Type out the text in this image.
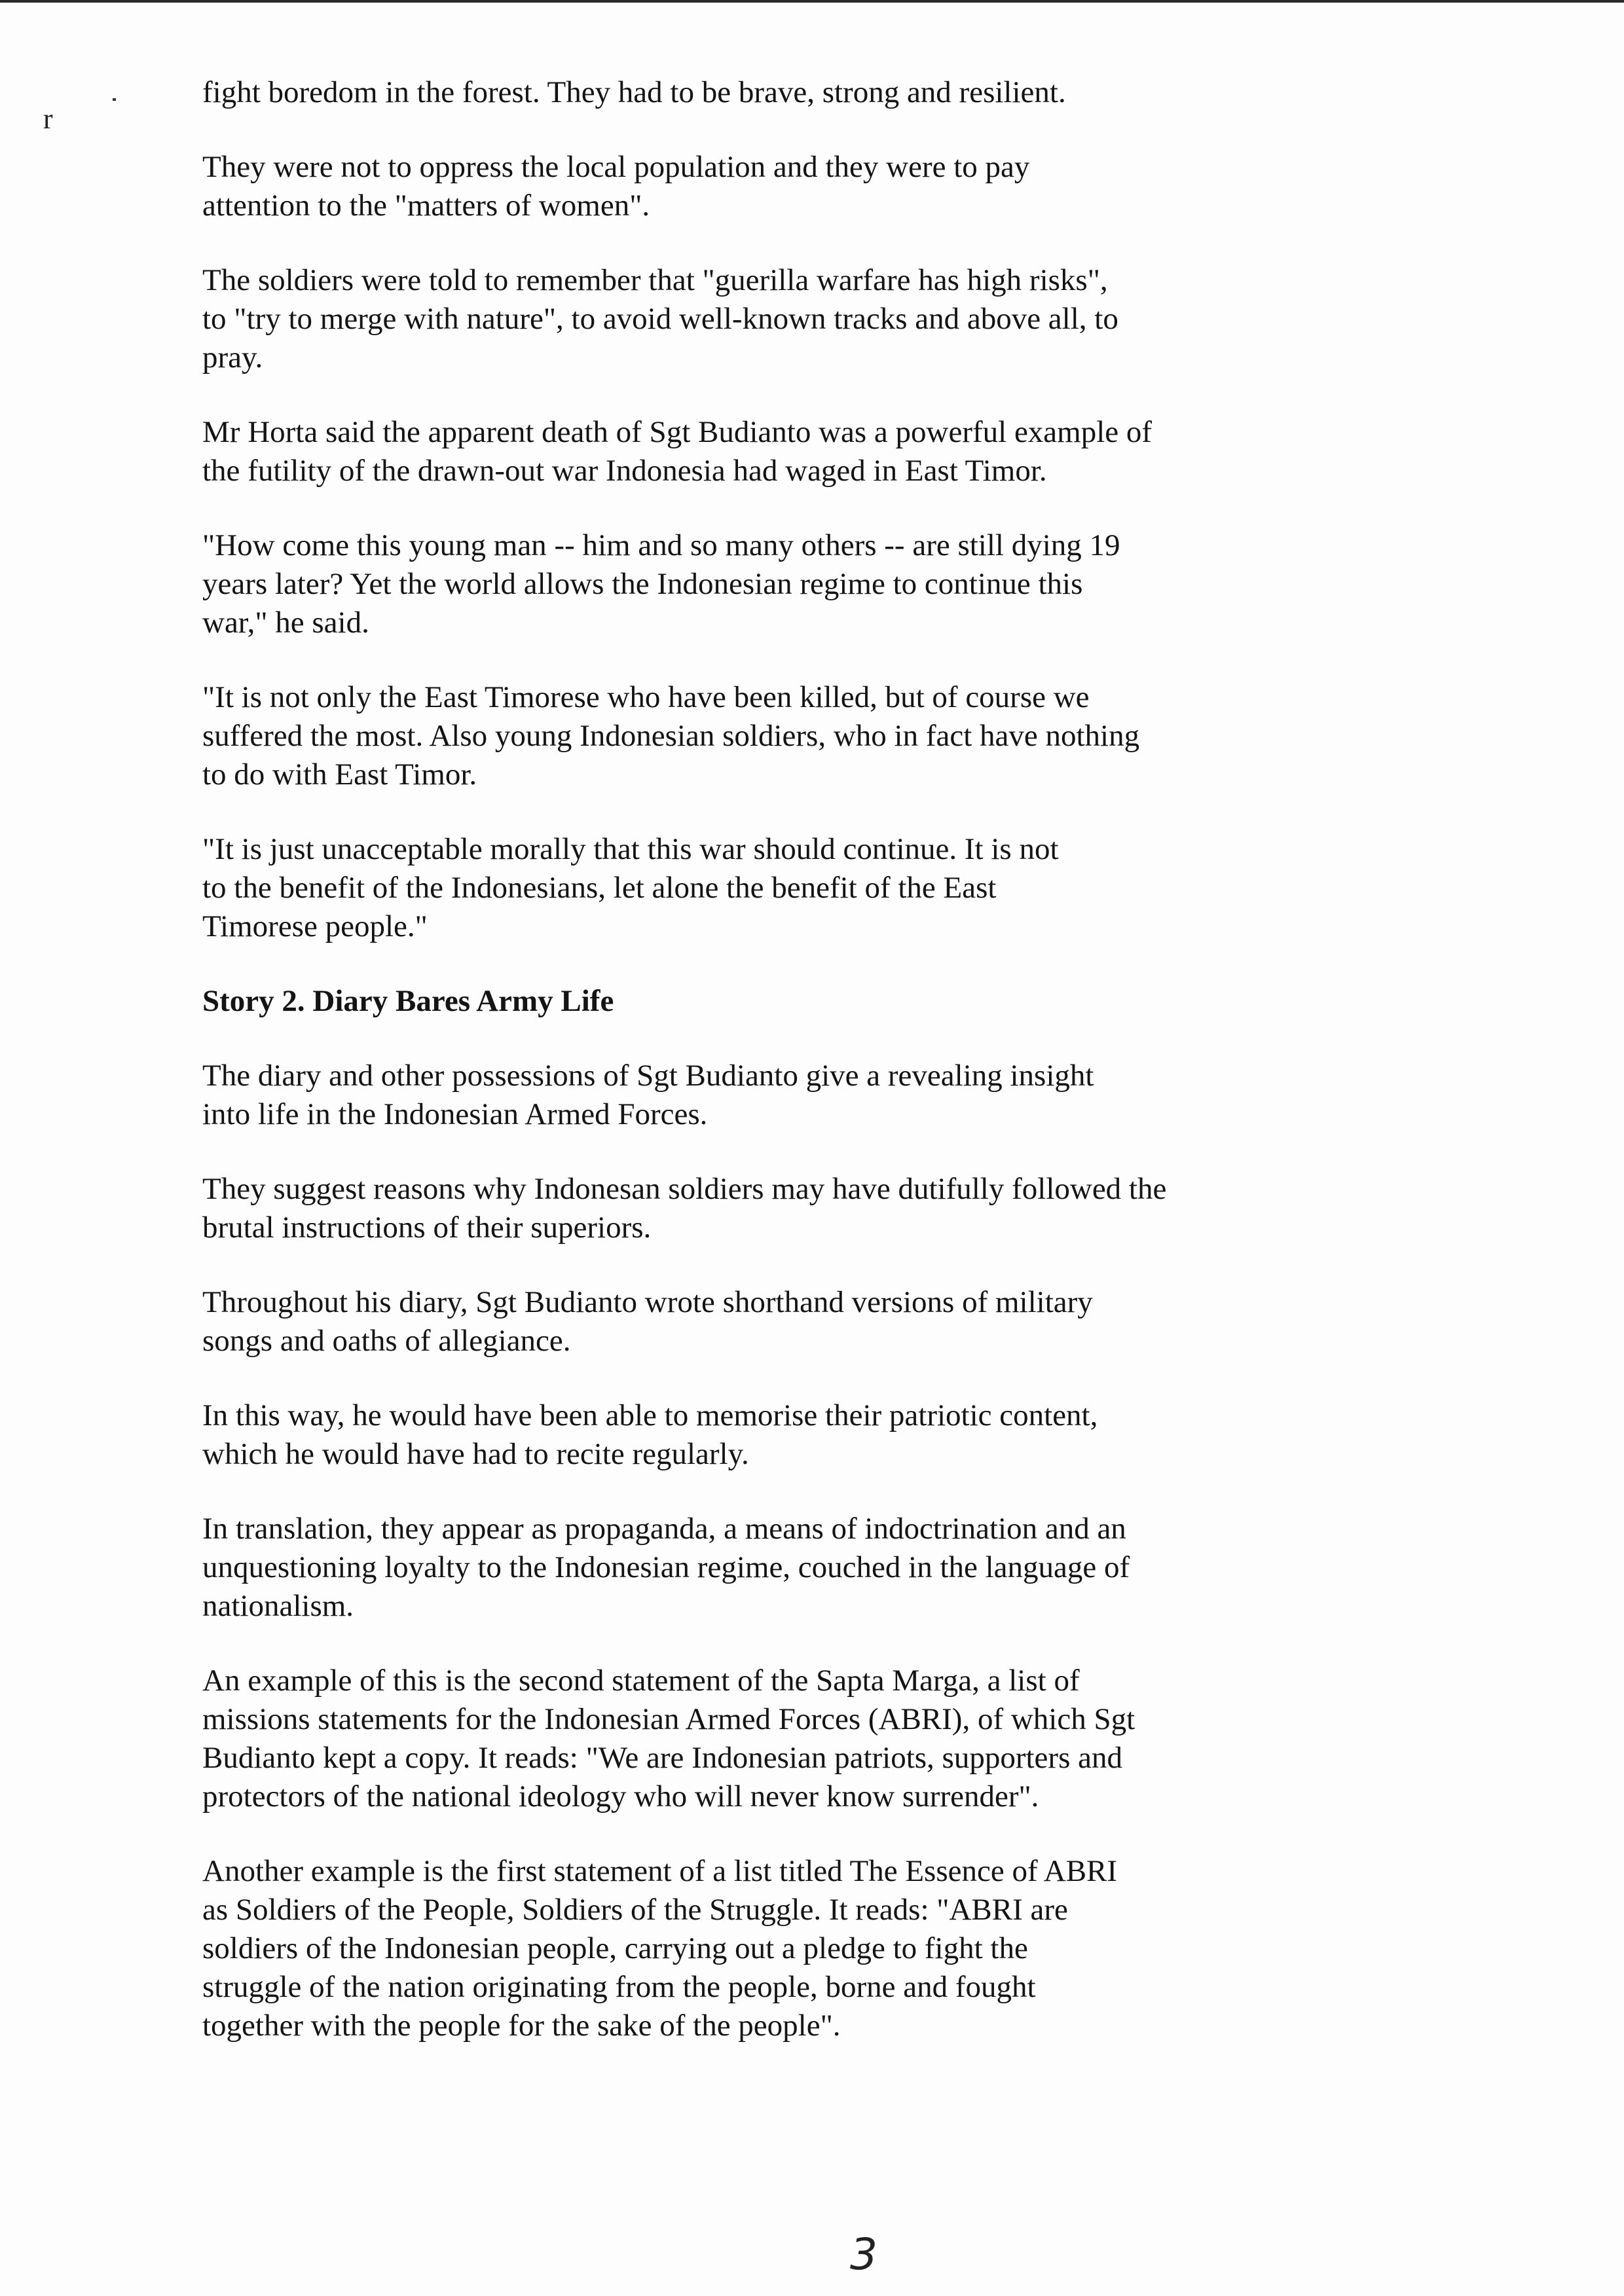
r

fight boredom in the forest. They had to be brave, strong and resilient.

They were not to oppress the local population and they were to pay
attention to the "matters of women".

The soldiers were told to remember that "guerilla warfare has high risks",
to "try to merge with nature", to avoid well-known tracks and above all, to
pray.

Mr Horta said the apparent death of Sgt Budianto was a powerful example of
the futility of the drawn-out war Indonesia had waged in East Timor.

"How come this young man -- him and so many others -- are still dying 19
years later? Yet the world allows the Indonesian regime to continue this
war," he said.

"It is not only the East Timorese who have been killed, but of course we
suffered the most. Also young Indonesian soldiers, who in fact have nothing
to do with East Timor.

"It is just unacceptable morally that this war should continue. It is not
to the benefit of the Indonesians, let alone the benefit of the East
Timorese people."

Story 2. Diary Bares Army Life

The diary and other possessions of Sgt Budianto give a revealing insight
into life in the Indonesian Armed Forces.

They suggest reasons why Indonesan soldiers may have dutifully followed the
brutal instructions of their superiors.

Throughout his diary, Sgt Budianto wrote shorthand versions of military
songs and oaths of allegiance.

In this way, he would have been able to memorise their patriotic content,
which he would have had to recite regularly.

In translation, they appear as propaganda, a means of indoctrination and an
unquestioning loyalty to the Indonesian regime, couched in the language of
nationalism.

An example of this is the second statement of the Sapta Marga, a list of
missions statements for the Indonesian Armed Forces (ABRI), of which Sgt
Budianto kept a copy. It reads: "We are Indonesian patriots, supporters and
protectors of the national ideology who will never know surrender".

Another example is the first statement of a list titled The Essence of ABRI
as Soldiers of the People, Soldiers of the Struggle. It reads: "ABRI are
soldiers of the Indonesian people, carrying out a pledge to fight the
struggle of the nation originating from the people, borne and fought
together with the people for the sake of the people".

3
